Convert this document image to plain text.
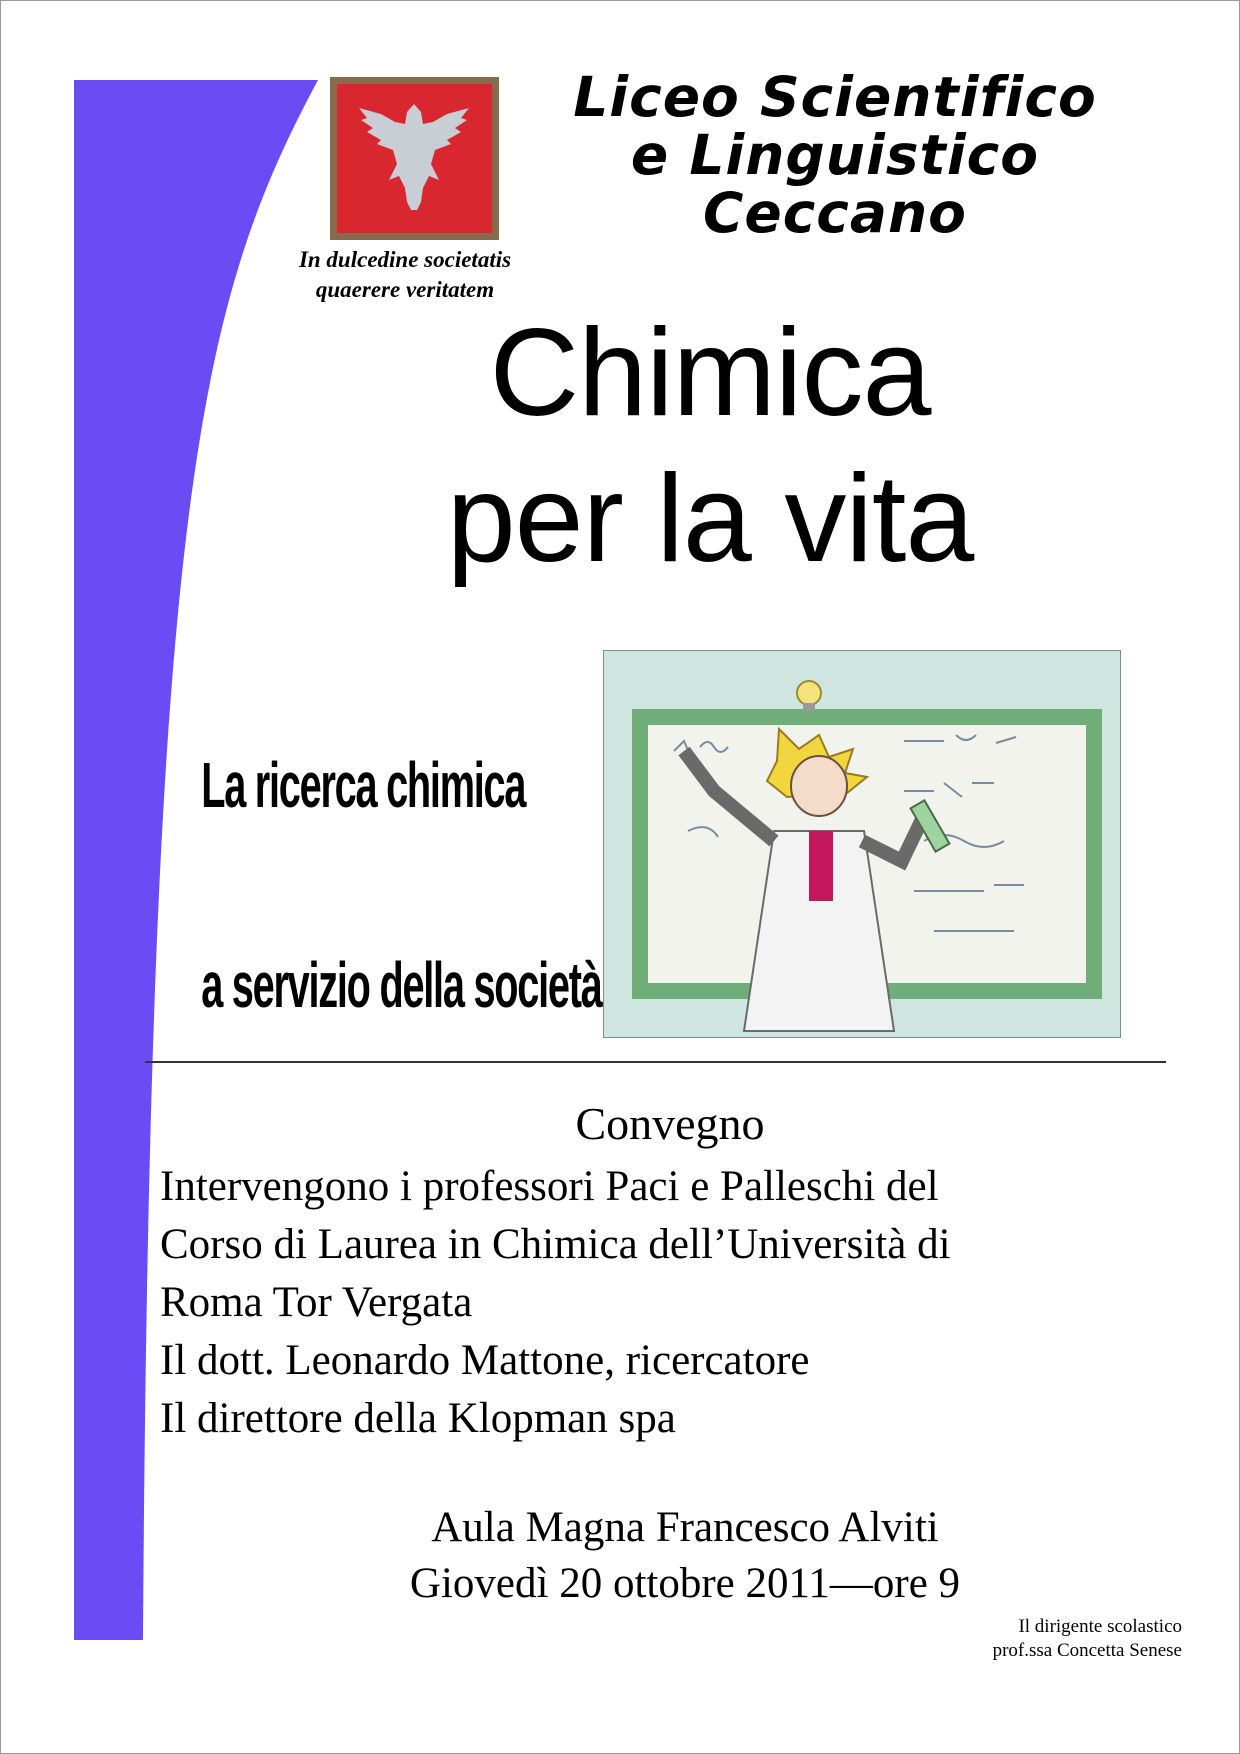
In dulcedine societatis
quaerere veritatem
Liceo Scientifico
e Linguistico
Ceccano
Chimica
per la vita
La ricerca chimica
a servizio della società
Convegno
Intervengono i professori Paci e Palleschi del
Corso di Laurea in Chimica dell’Università di
Roma Tor Vergata
Il dott. Leonardo Mattone, ricercatore
Il direttore della Klopman spa
Aula Magna Francesco Alviti
Giovedì 20 ottobre 2011—ore 9
Il dirigente scolastico
prof.ssa Concetta Senese
